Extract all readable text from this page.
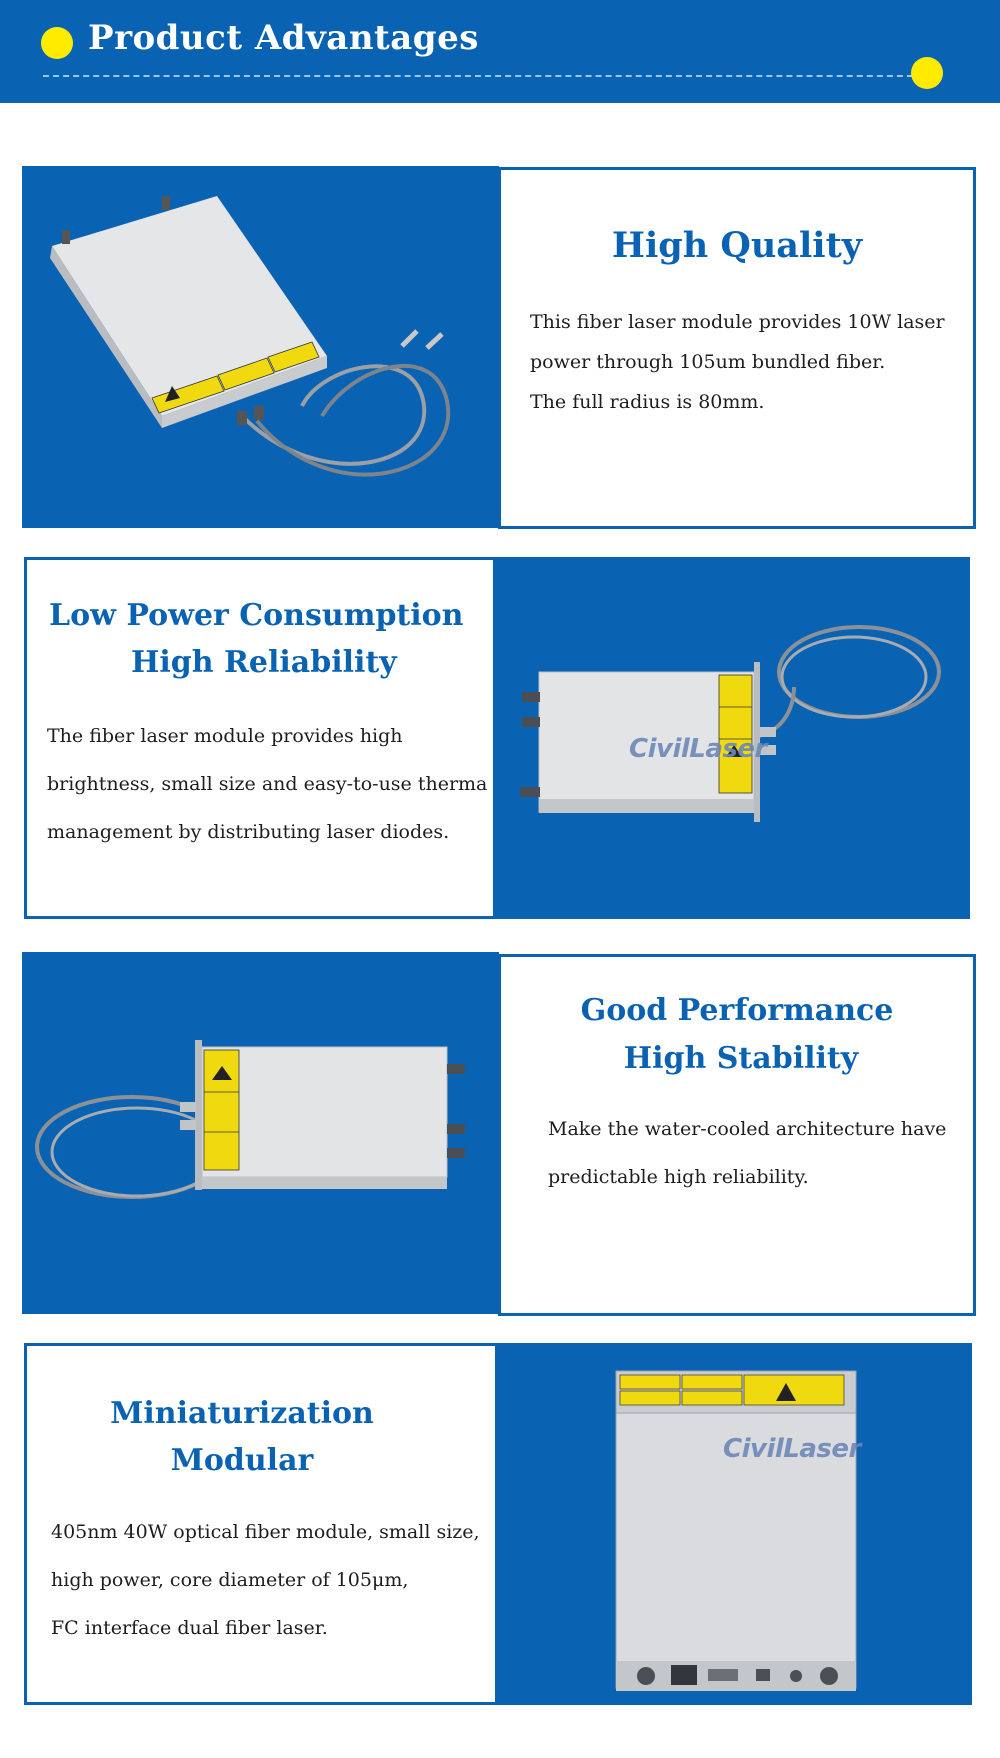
Product Advantages
High Quality
This fiber laser module provides 10W laser
power through 105um bundled fiber.
The full radius is 80mm.
Low Power Consumption
High Reliability
The fiber laser module provides high
brightness, small size and easy-to-use therma
management by distributing laser diodes.
CivilLaser
Good Performance
High Stability
Make the water-cooled architecture have
predictable high reliability.
Miniaturization
Modular
405nm 40W optical fiber module, small size,
high power, core diameter of 105μm,
FC interface dual fiber laser.
CivilLaser
